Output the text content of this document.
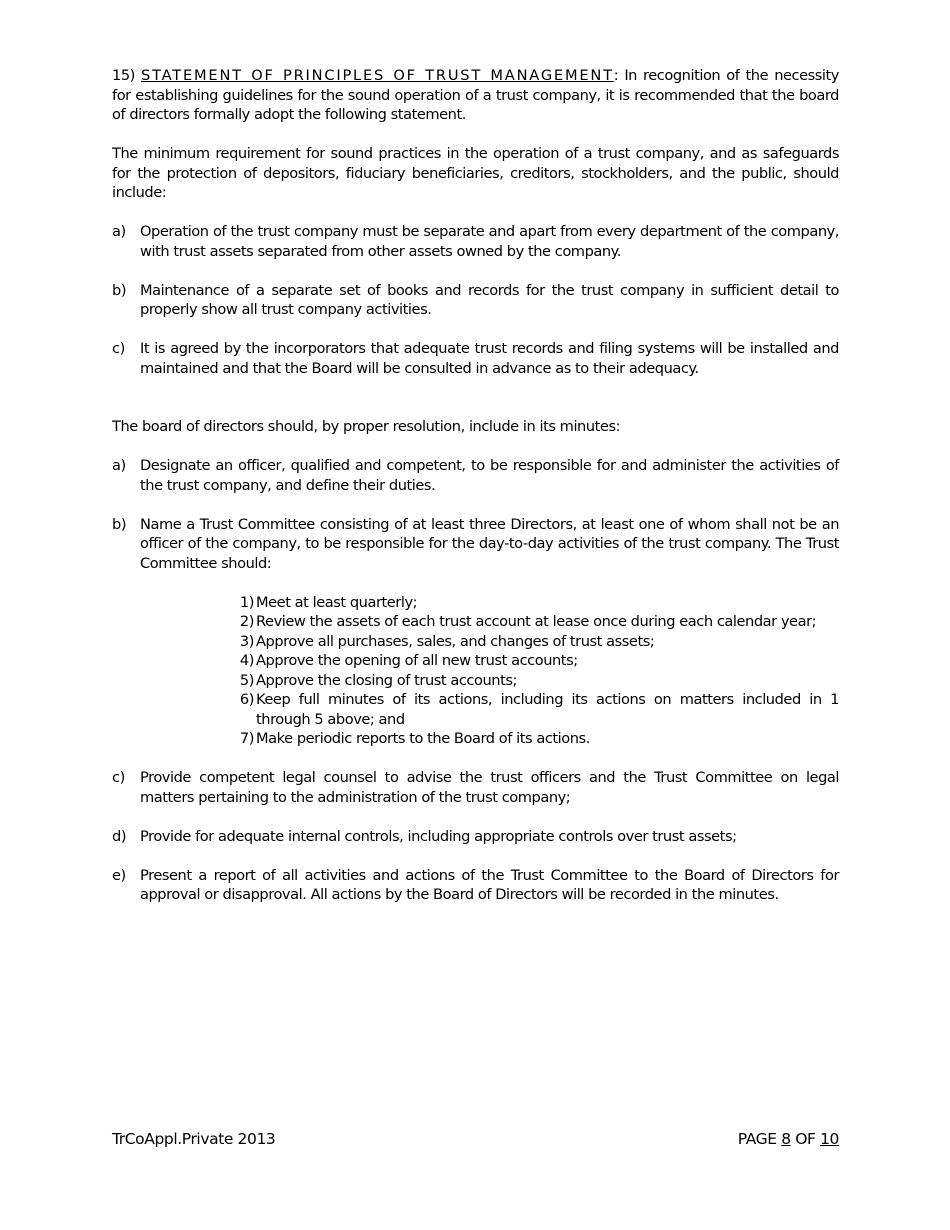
15) STATEMENT OF PRINCIPLES OF TRUST MANAGEMENT: In recognition of the necessity for establishing guidelines for the sound operation of a trust company, it is recommended that the board of directors formally adopt the following statement.

The minimum requirement for sound practices in the operation of a trust company, and as safeguards for the protection of depositors, fiduciary beneficiaries, creditors, stockholders, and the public, should include:

a) Operation of the trust company must be separate and apart from every department of the company, with trust assets separated from other assets owned by the company.
b) Maintenance of a separate set of books and records for the trust company in sufficient detail to properly show all trust company activities.
c)	It is agreed by the incorporators that adequate trust records and filing systems will be installed and maintained and that the Board will be consulted in advance as to their adequacy.

The board of directors should, by proper resolution, include in its minutes:

a) Designate an officer, qualified and competent, to be responsible for and administer the activities of the trust company, and define their duties.
b) Name a Trust Committee consisting of at least three Directors, at least one of whom shall not be an officer of the company, to be responsible for the day-to-day activities of the trust company. The Trust Committee should:
1) Meet at least quarterly;
2) Review the assets of each trust account at lease once during each calendar year;
3) Approve all purchases, sales, and changes of trust assets;
4) Approve the opening of all new trust accounts;
5) Approve the closing of trust accounts;
6) Keep full minutes of its actions, including its actions on matters included in 1 through 5 above; and
7) Make periodic reports to the Board of its actions.
c)	Provide competent legal counsel to advise the trust officers and the Trust Committee on legal matters pertaining to the administration of the trust company;
d) Provide for adequate internal controls, including appropriate controls over trust assets;
e) Present a report of all activities and actions of the Trust Committee to the Board of Directors for approval or disapproval. All actions by the Board of Directors will be recorded in the minutes.
TrCoAppl.Private 2013	PAGE 8 OF 10
